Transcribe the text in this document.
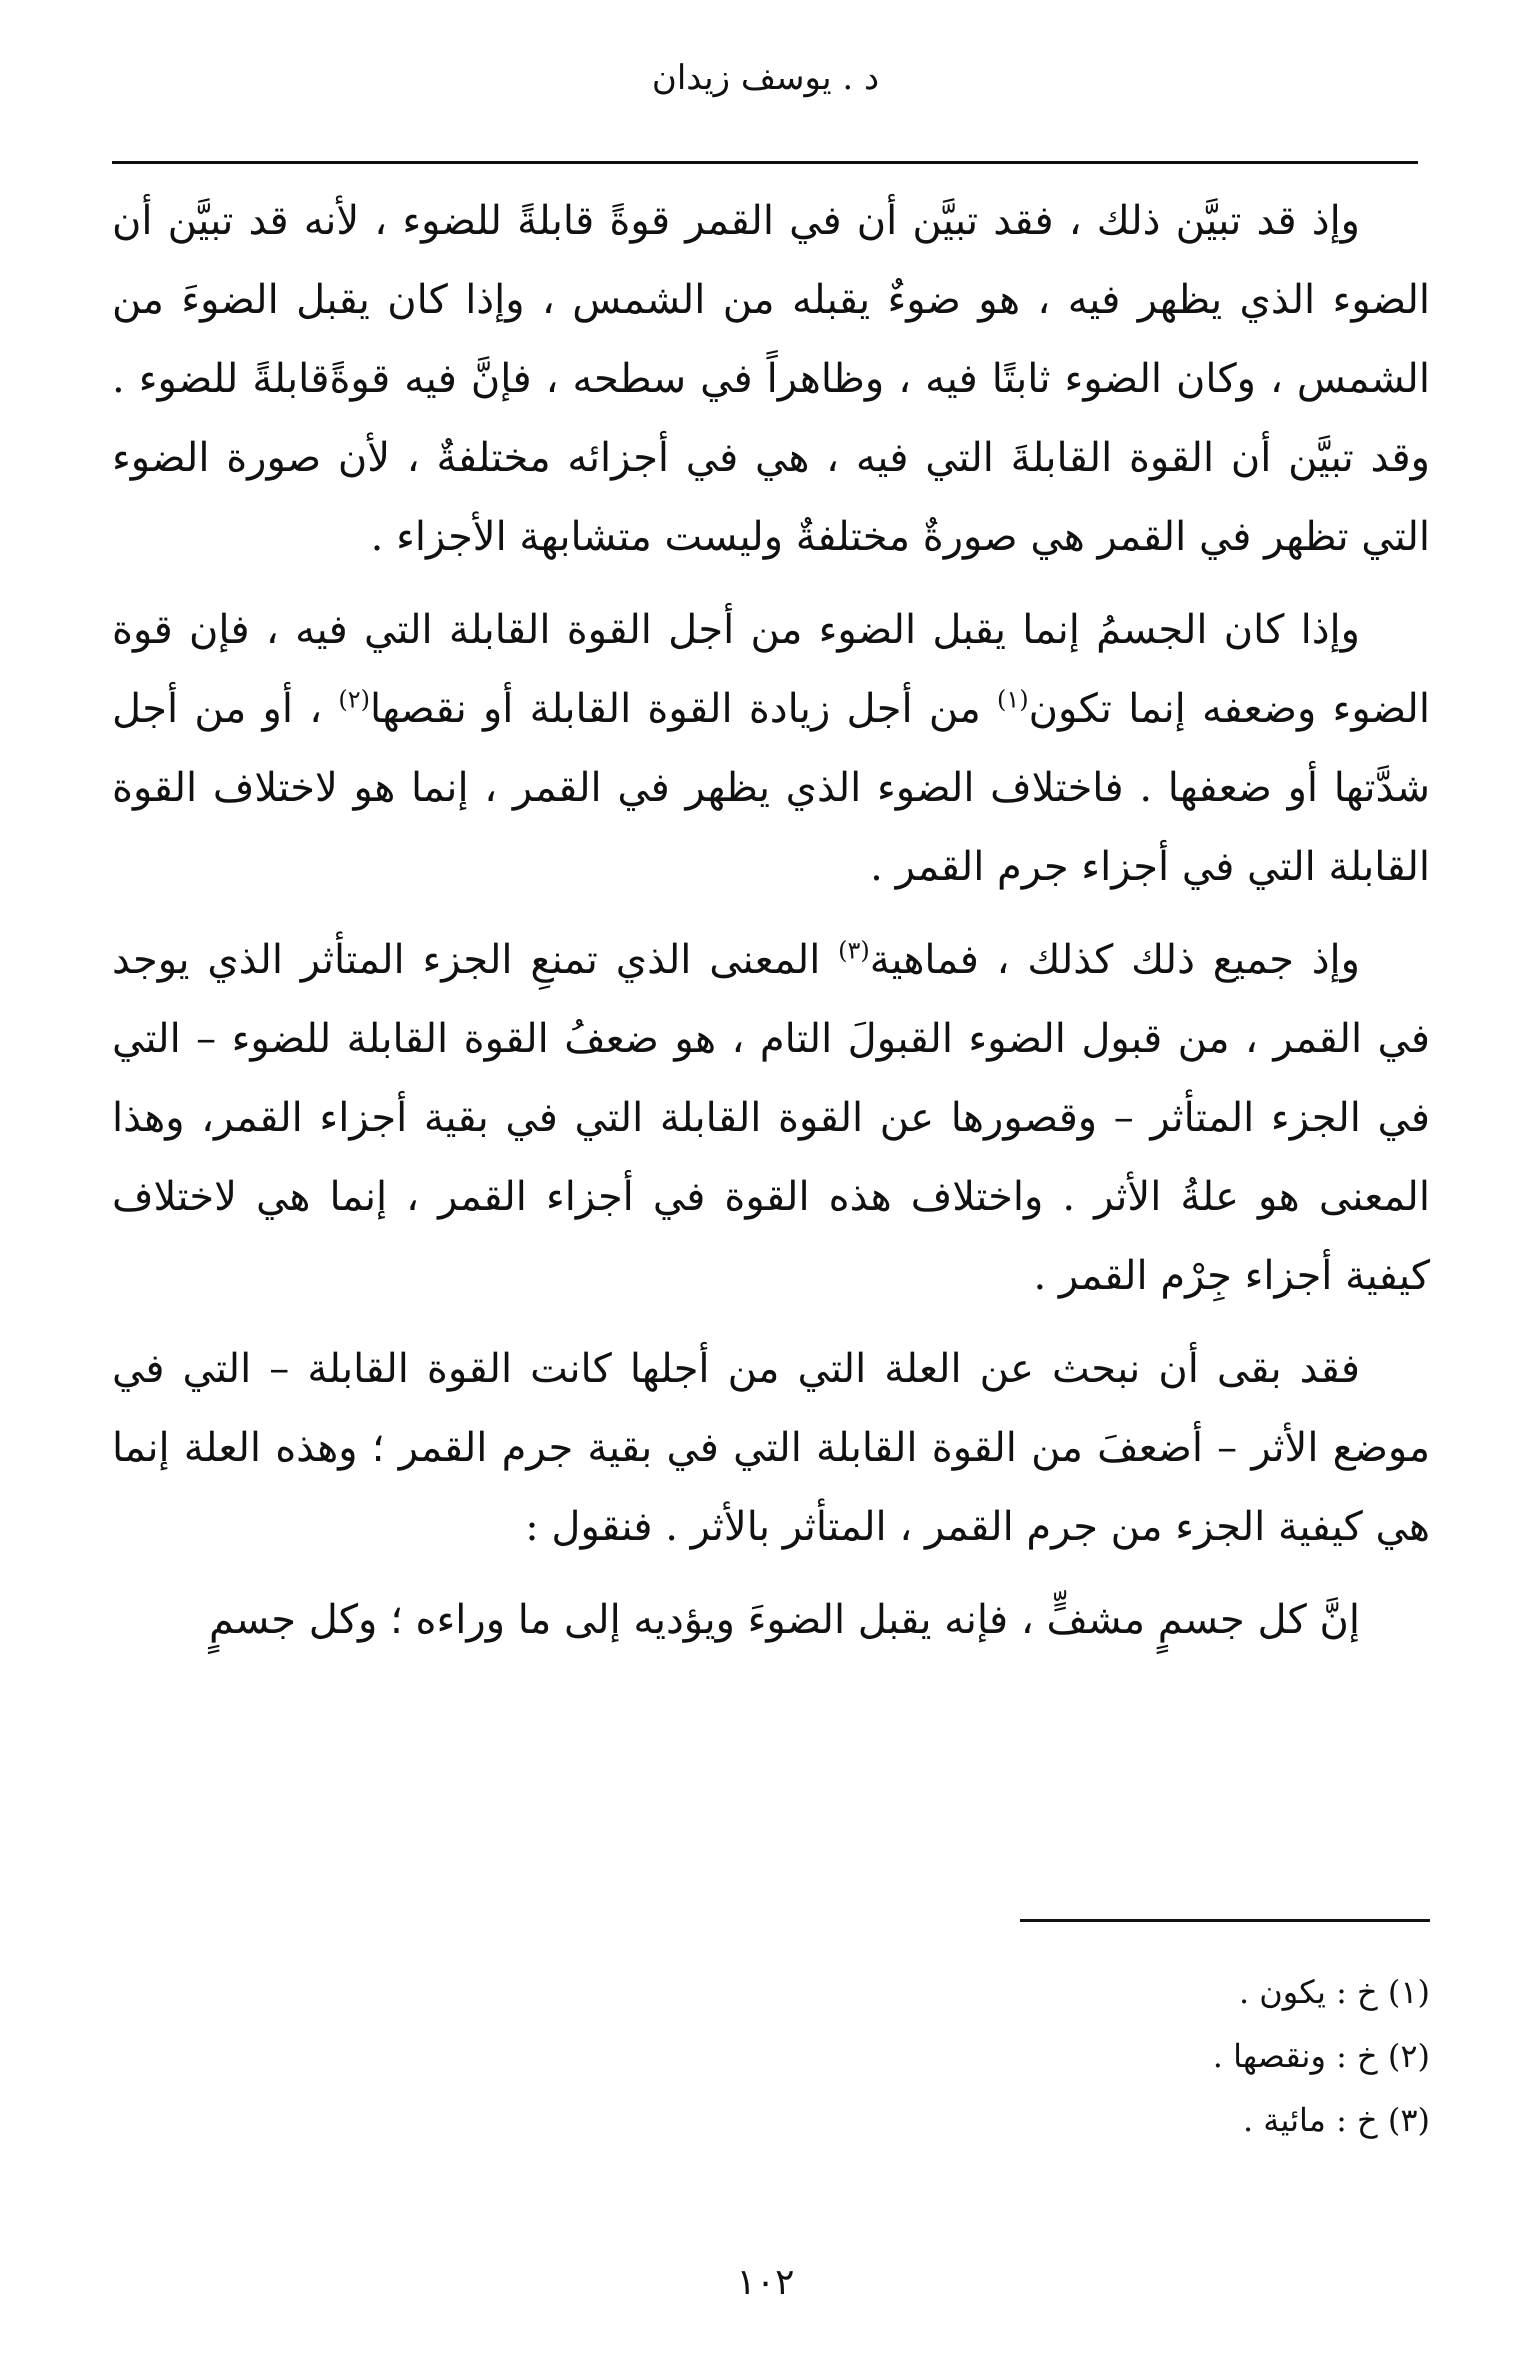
د . يوسف زيدان

وإذ قد تبيَّن ذلك ، فقد تبيَّن أن في القمر قوةً قابلةً للضوء ، لأنه قد تبيَّن أن الضوء الذي يظهر فيه ، هو ضوءٌ يقبله من الشمس ، وإذا كان يقبل الضوءَ من الشمس ، وكان الضوء ثابتًا فيه ، وظاهراً في سطحه ، فإنَّ فيه قوةًقابلةً للضوء . وقد تبيَّن أن القوة القابلةَ التي فيه ، هي في أجزائه مختلفةٌ ، لأن صورة الضوء التي تظهر في القمر هي صورةٌ مختلفةٌ وليست متشابهة الأجزاء .

وإذا كان الجسمُ إنما يقبل الضوء من أجل القوة القابلة التي فيه ، فإن قوة الضوء وضعفه إنما تكون$^{(١)}$ من أجل زيادة القوة القابلة أو نقصها$^{(٢)}$ ، أو من أجل شدَّتها أو ضعفها . فاختلاف الضوء الذي يظهر في القمر ، إنما هو لاختلاف القوة القابلة التي في أجزاء جرم القمر .

وإذ جميع ذلك كذلك ، فماهية$^{(٣)}$ المعنى الذي تمنعِ الجزء المتأثر الذي يوجد في القمر ، من قبول الضوء القبولَ التام ، هو ضعفُ القوة القابلة للضوء – التي في الجزء المتأثر – وقصورها عن القوة القابلة التي في بقية أجزاء القمر، وهذا المعنى هو علةُ الأثر . واختلاف هذه القوة في أجزاء القمر ، إنما هي لاختلاف كيفية أجزاء جِرْم القمر .

فقد بقى أن نبحث عن العلة التي من أجلها كانت القوة القابلة – التي في موضع الأثر – أضعفَ من القوة القابلة التي في بقية جرم القمر ؛ وهذه العلة إنما هي كيفية الجزء من جرم القمر ، المتأثر بالأثر . فنقول :

إنَّ كل جسمٍ مشفٍّ ، فإنه يقبل الضوءَ ويؤديه إلى ما وراءه ؛ وكل جسمٍ

(١) خ : يكون .
(٢) خ : ونقصها .
(٣) خ : مائية .
١٠٢
